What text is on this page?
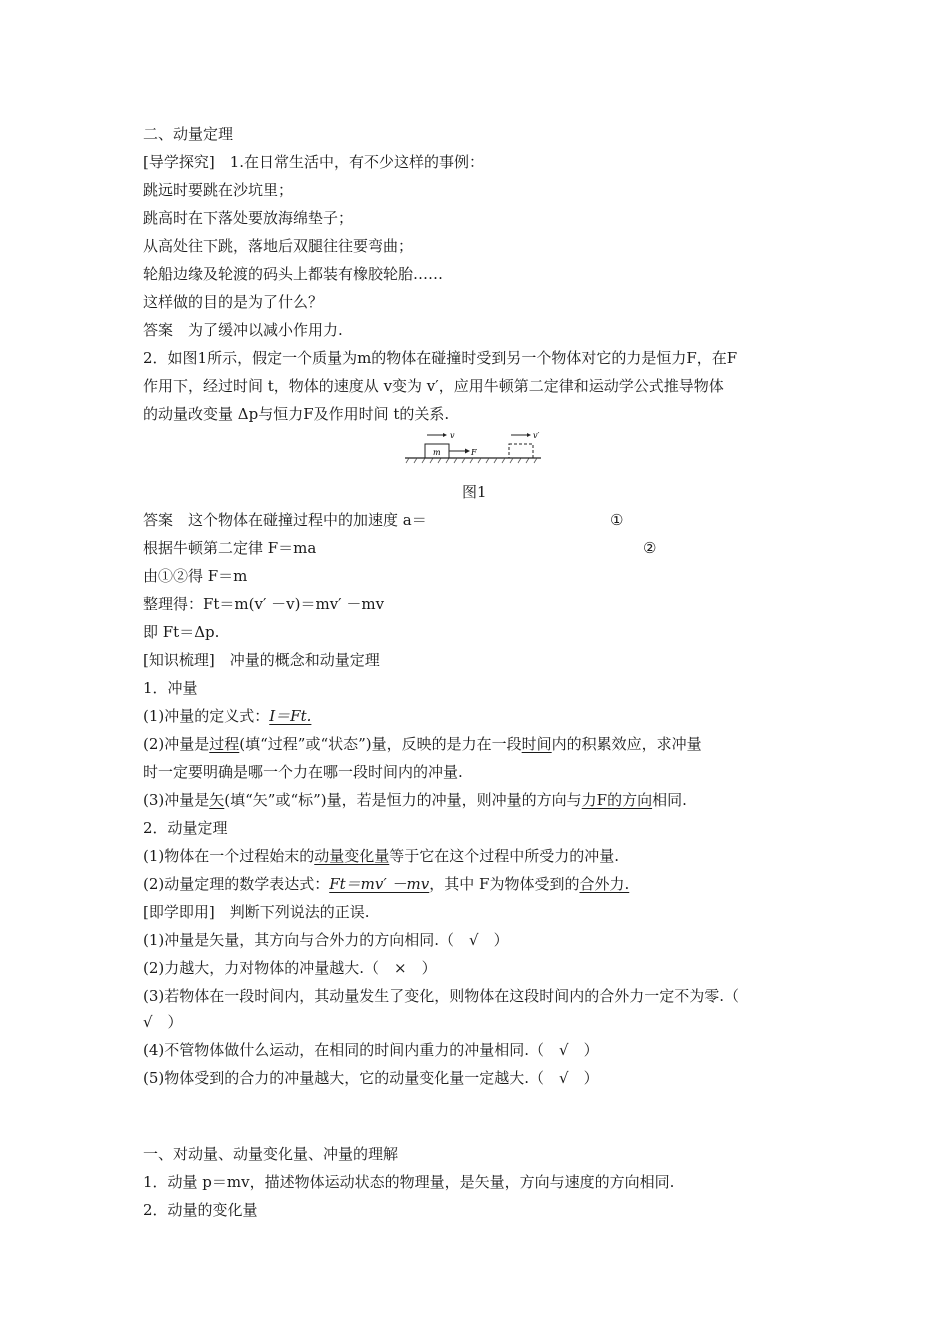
二、动量定理
[导学探究]　 1.在日常生活中，有不少这样的事例：
跳远时要跳在沙坑里；
跳高时在下落处要放海绵垫子；
从高处往下跳，落地后双腿往往要弯曲；
轮船边缘及轮渡的码头上都装有橡胶轮胎……
这样做的目的是为了什么？
答案　为了缓冲以减小作用力.
2．如图1所示，假定一个质量为m的物体在碰撞时受到另一个物体对它的力是恒力F，在F
作用下，经过时间 t，物体的速度从 v变为 v′，应用牛顿第二定律和运动学公式推导物体
的动量改变量 Δp与恒力F及作用时间 t的关系.
m	F
v	v′
图1
答案　这个物体在碰撞过程中的加速度 a＝	①
根据牛顿第二定律 F＝ma	②
由①②得 F＝m
整理得：Ft＝m(v′ －v)＝mv′ －mv
即 Ft＝Δp.
[知识梳理]　冲量的概念和动量定理
1．冲量
(1)冲量的定义式：I＝Ft.
(2)冲量是过程(填“过程”或“状态”)量，反映的是力在一段时间内的积累效应，求冲量
时一定要明确是哪一个力在哪一段时间内的冲量.
(3)冲量是矢(填“矢”或“标”)量，若是恒力的冲量，则冲量的方向与力F的方向相同.
2．动量定理
(1)物体在一个过程始末的动量变化量等于它在这个过程中所受力的冲量.
(2)动量定理的数学表达式：Ft＝mv′ －mv，其中 F为物体受到的合外力.
[即学即用]　判断下列说法的正误.
(1)冲量是矢量，其方向与合外力的方向相同.（　√　）
(2)力越大，力对物体的冲量越大.（　×　）
(3)若物体在一段时间内，其动量发生了变化，则物体在这段时间内的合外力一定不为零.（
√　）
(4)不管物体做什么运动，在相同的时间内重力的冲量相同.（　√　）
(5)物体受到的合力的冲量越大，它的动量变化量一定越大.（　√　）
一、对动量、动量变化量、冲量的理解
1．动量 p＝mv，描述物体运动状态的物理量，是矢量，方向与速度的方向相同.
2．动量的变化量
